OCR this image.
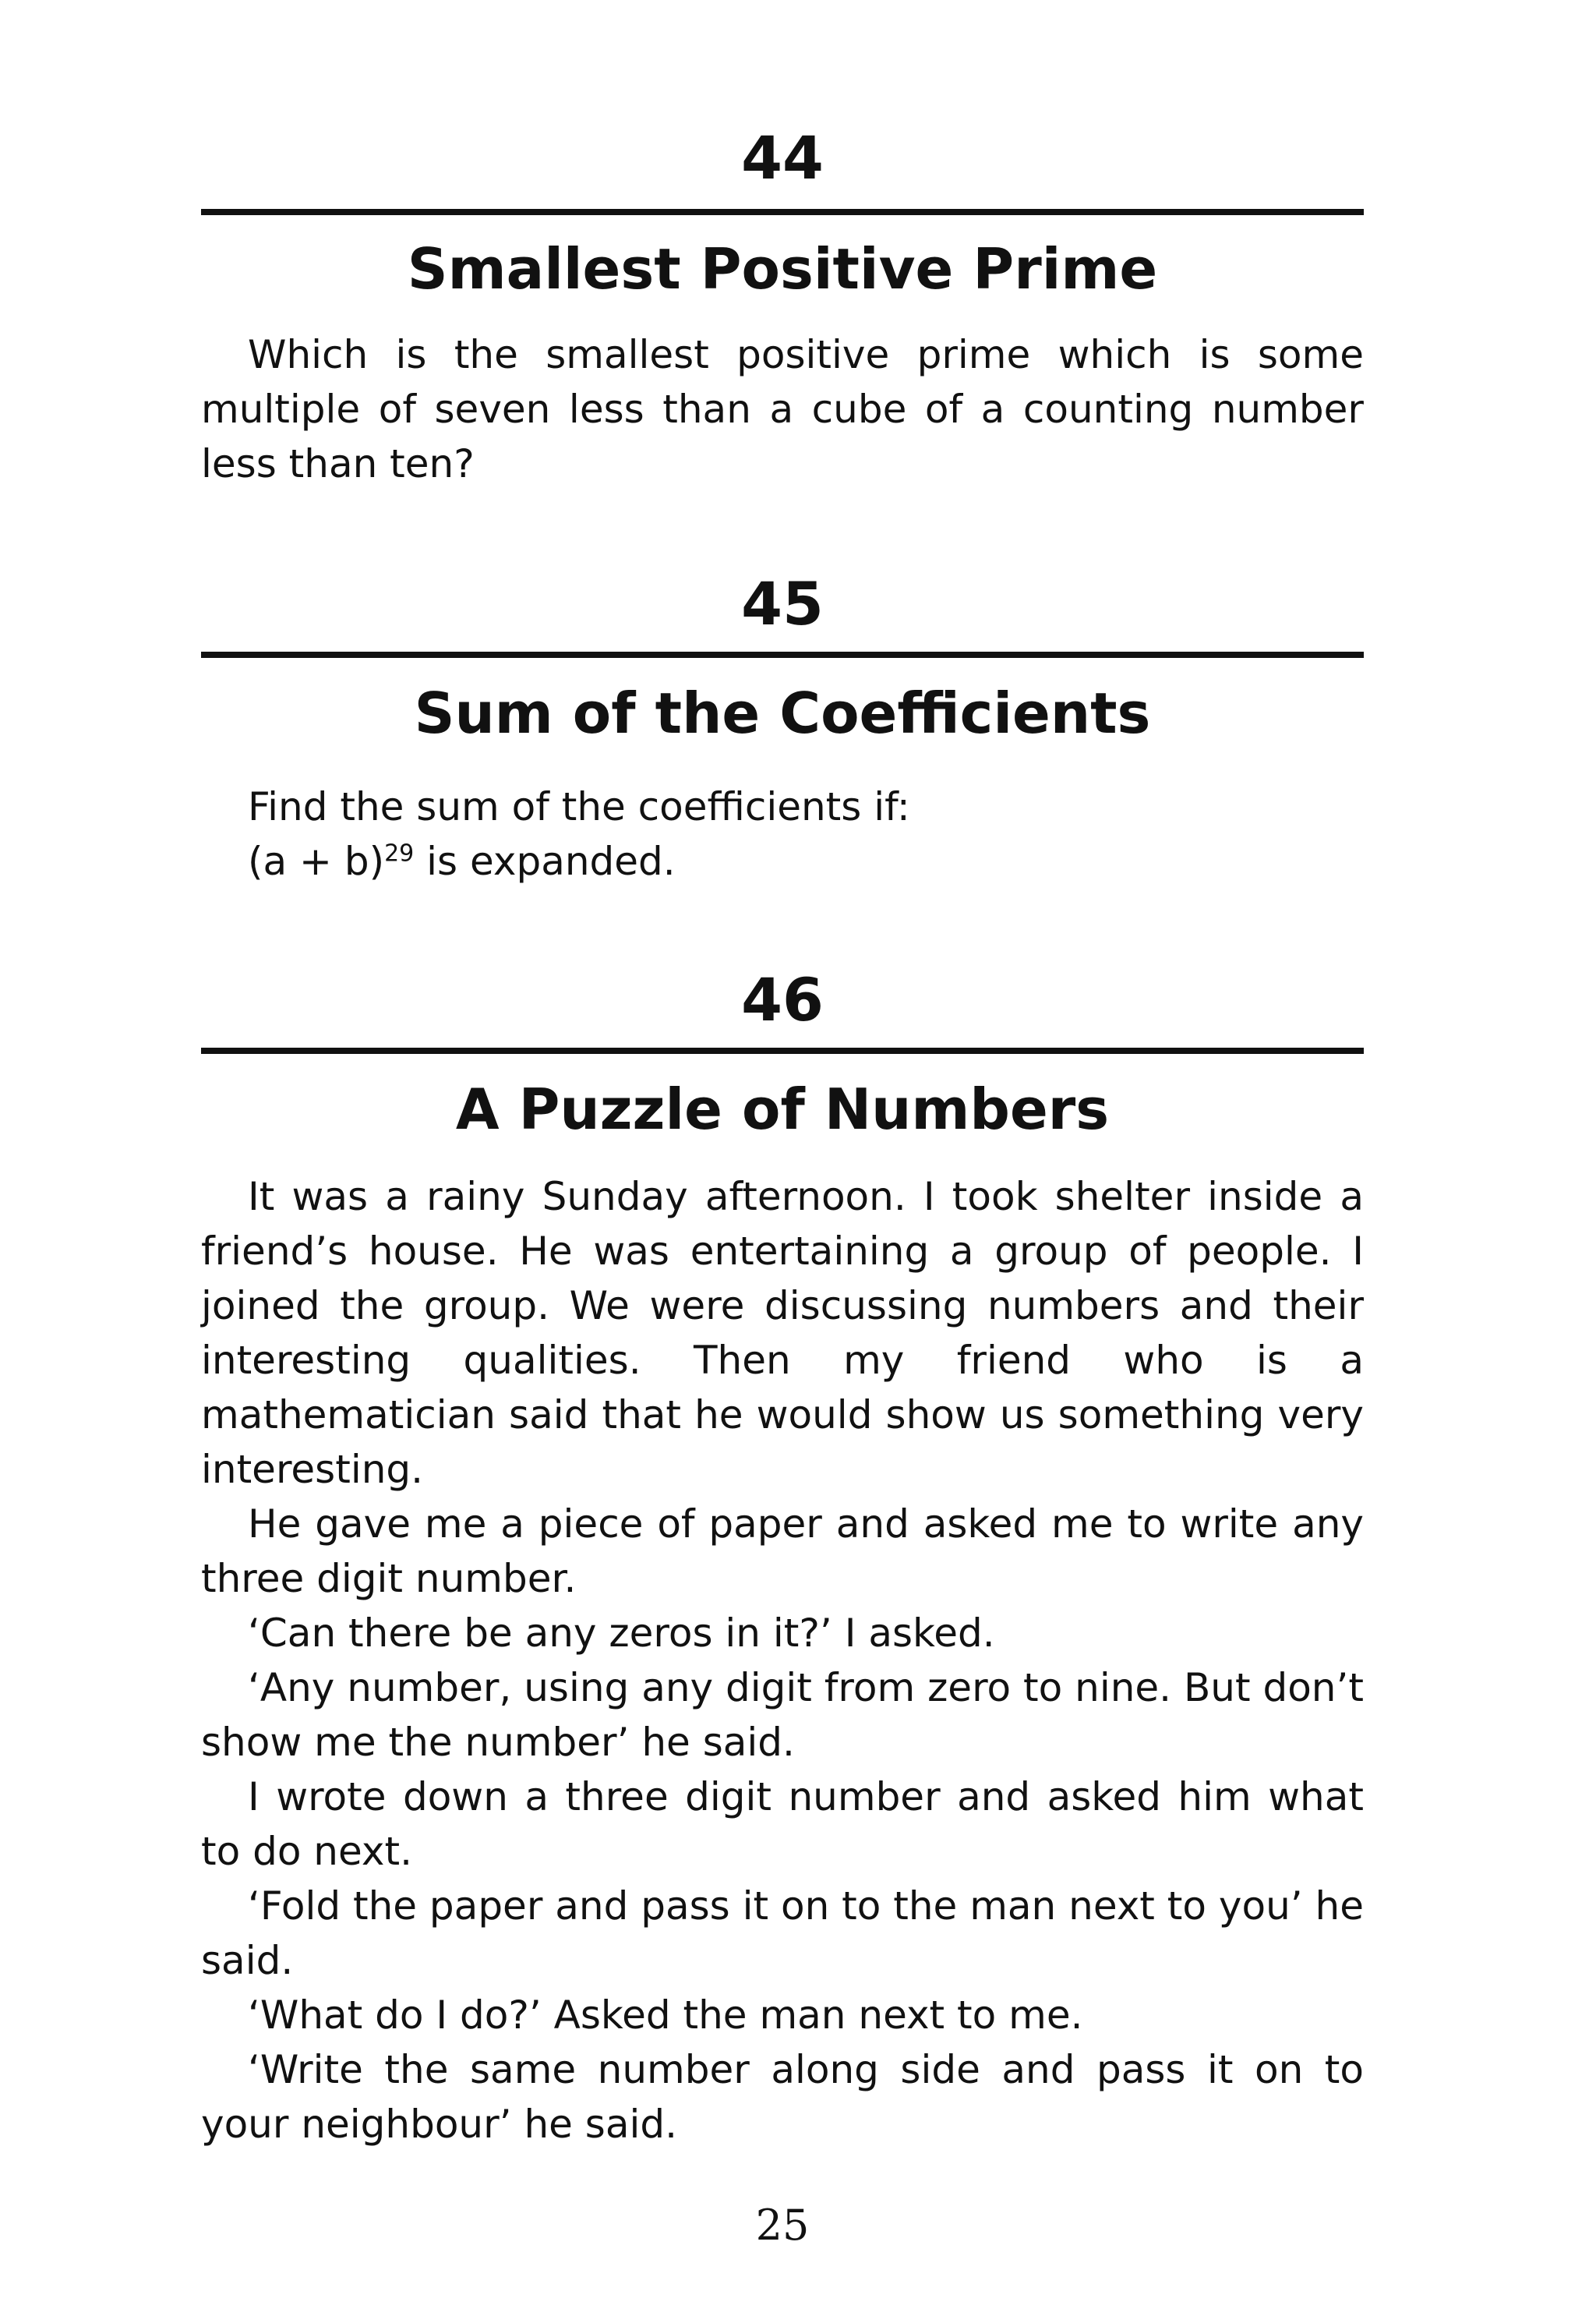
44
Smallest Positive Prime

Which is the smallest positive prime which is some multiple of seven less than a cube of a counting number less than ten?

45
Sum of the Coefficients

Find the sum of the coefficients if:

$(a + b)^{29}$ is expanded.

46
A Puzzle of Numbers

It was a rainy Sunday afternoon. I took shelter inside a friend’s house. He was entertaining a group of people. I joined the group. We were discussing numbers and their interesting qualities. Then my friend who is a mathematician said that he would show us something very interesting.

He gave me a piece of paper and asked me to write any three digit number.

‘Can there be any zeros in it?’ I asked.

‘Any number, using any digit from zero to nine. But don’t show me the number’ he said.

I wrote down a three digit number and asked him what to do next.

‘Fold the paper and pass it on to the man next to you’ he said.

‘What do I do?’ Asked the man next to me.

‘Write the same number along side and pass it on to your neighbour’ he said.

25
